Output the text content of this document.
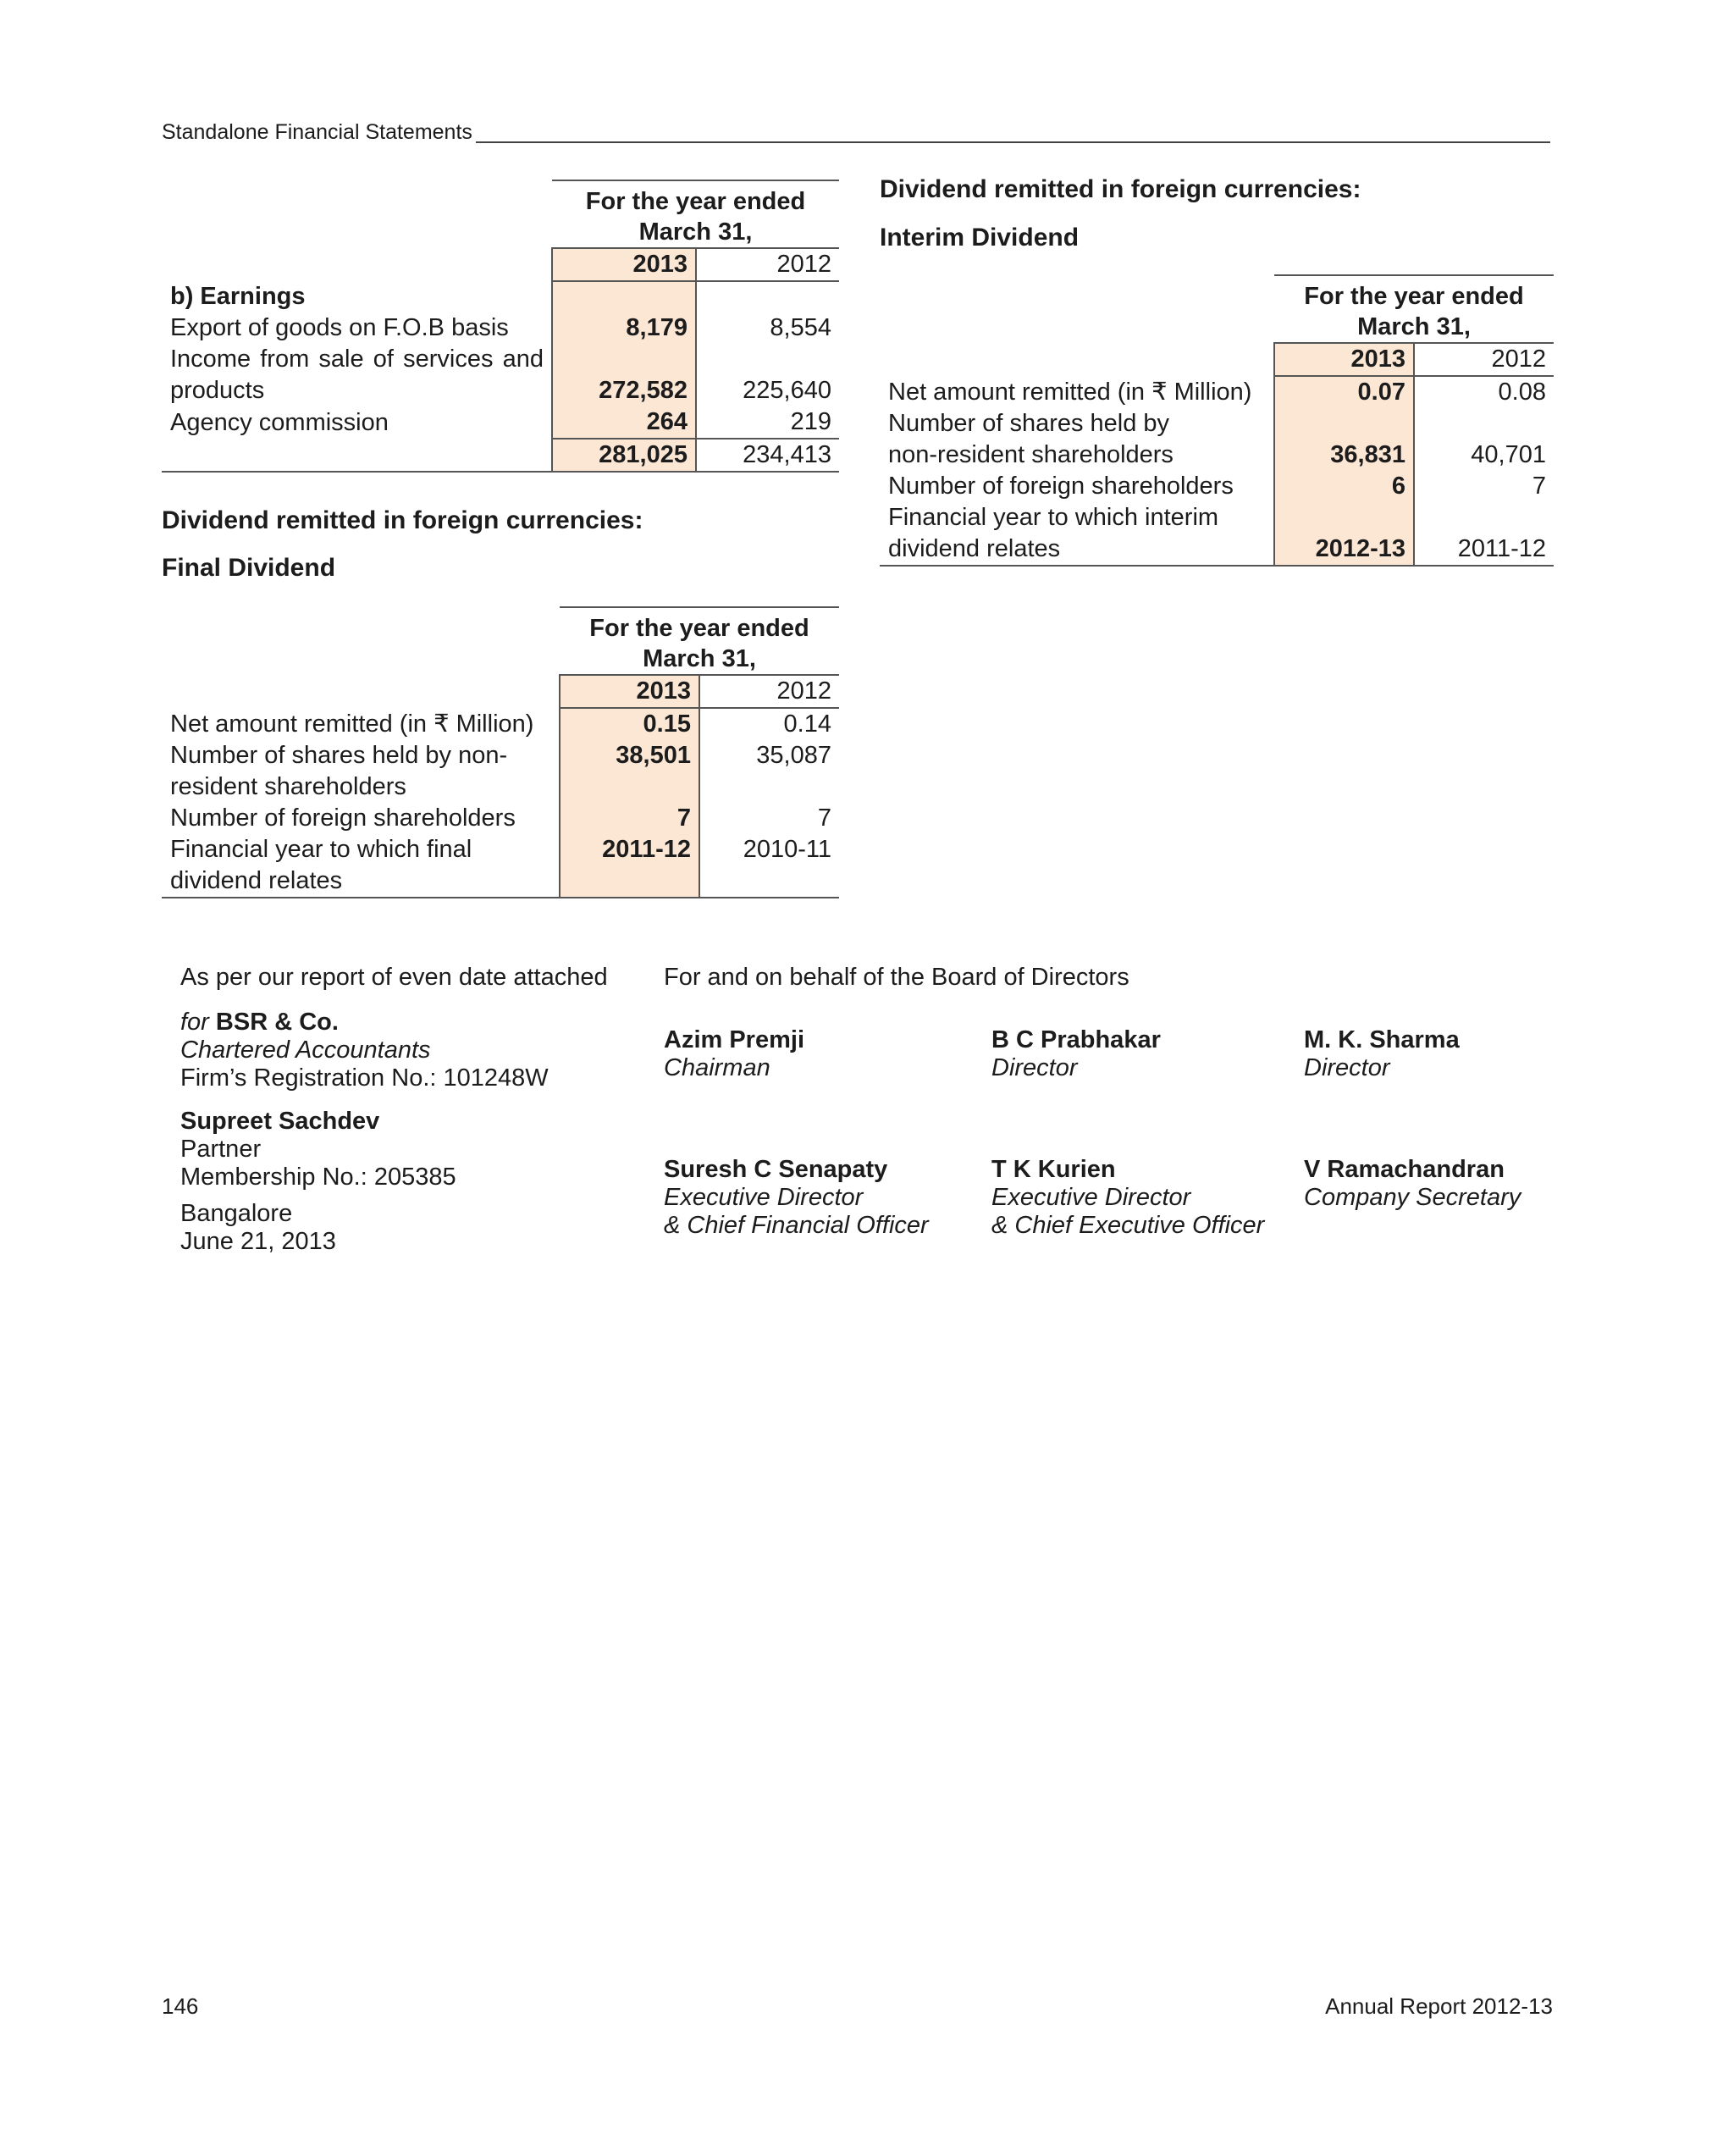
Standalone Financial Statements
	For the year ended
March 31,	
	2013	2012
b) Earnings		
Export of goods on F.O.B basis	8,179	8,554
Income from sale of services and products	272,582	225,640
Agency commission	264	219
	281,025	234,413
Dividend remitted in foreign currencies:
Final Dividend
	For the year ended
March 31,	
	2013	2012
Net amount remitted (in ₹ Million)	0.15	0.14
Number of shares held by non-resident shareholders	38,501	35,087
Number of foreign shareholders	7	7
Financial year to which final dividend relates	2011-12	2010-11
Dividend remitted in foreign currencies:
Interim Dividend
	For the year ended
March 31,	
	2013	2012
Net amount remitted (in ₹ Million)	0.07	0.08
Number of shares held by non-resident shareholders	36,831	40,701
Number of foreign shareholders	6	7
Financial year to which interim dividend relates	2012-13	2011-12
As per our report of even date attached
for BSR & Co.
Chartered Accountants
Firm’s Registration No.: 101248W
Supreet Sachdev
Partner
Membership No.: 205385
Bangalore
June 21, 2013
For and on behalf of the Board of Directors
Azim Premji
Chairman
B C Prabhakar
Director
M. K. Sharma
Director
Suresh C Senapaty
Executive Director
& Chief Financial Officer
T K Kurien
Executive Director
& Chief Executive Officer
V Ramachandran
Company Secretary
146	Annual Report 2012-13
